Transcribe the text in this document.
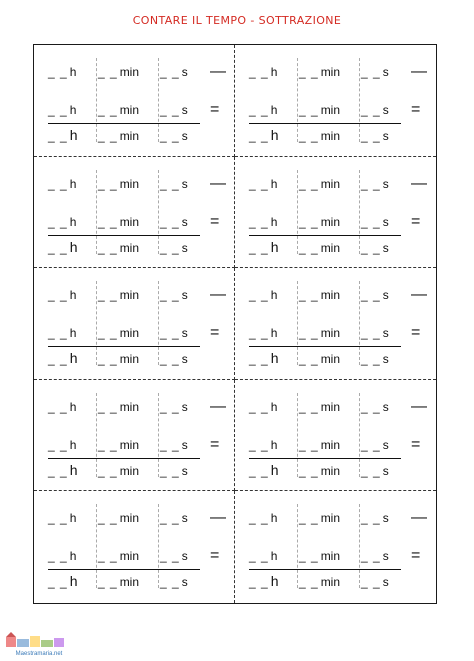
CONTARE IL TEMPO - SOTTRAZIONE
_ _ h _ _ min _ _ s —
_ _ h _ _ min _ _ s =
_ _ h _ _ min _ _ s
_ _ h _ _ min _ _ s —
_ _ h _ _ min _ _ s =
_ _ h _ _ min _ _ s
_ _ h _ _ min _ _ s —
_ _ h _ _ min _ _ s =
_ _ h _ _ min _ _ s
_ _ h _ _ min _ _ s —
_ _ h _ _ min _ _ s =
_ _ h _ _ min _ _ s
_ _ h _ _ min _ _ s —
_ _ h _ _ min _ _ s =
_ _ h _ _ min _ _ s
_ _ h _ _ min _ _ s —
_ _ h _ _ min _ _ s =
_ _ h _ _ min _ _ s
_ _ h _ _ min _ _ s —
_ _ h _ _ min _ _ s =
_ _ h _ _ min _ _ s
_ _ h _ _ min _ _ s —
_ _ h _ _ min _ _ s =
_ _ h _ _ min _ _ s
_ _ h _ _ min _ _ s —
_ _ h _ _ min _ _ s =
_ _ h _ _ min _ _ s
_ _ h _ _ min _ _ s —
_ _ h _ _ min _ _ s =
_ _ h _ _ min _ _ s
Maestramaria.net
